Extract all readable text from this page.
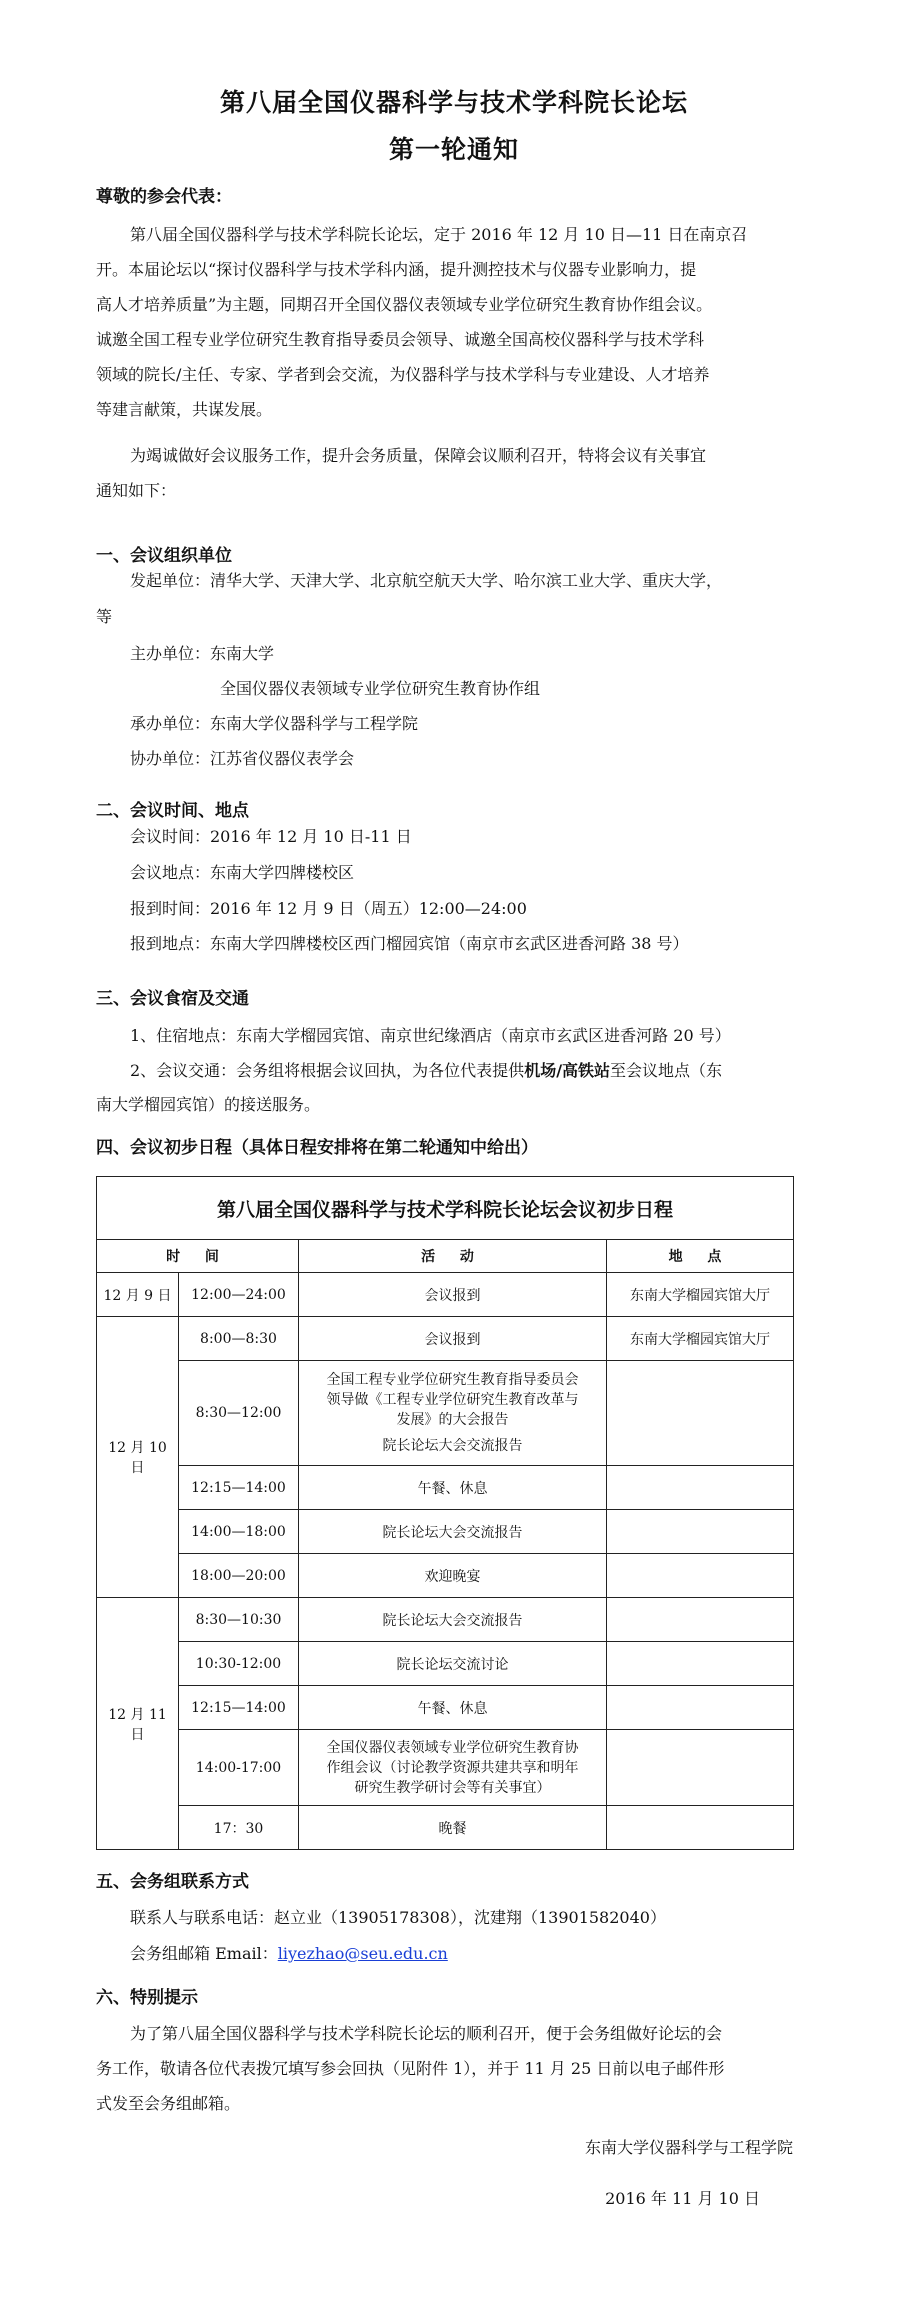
第八届全国仪器科学与技术学科院长论坛
第一轮通知
尊敬的参会代表：
第八届全国仪器科学与技术学科院长论坛，定于 2016 年 12 月 10 日—11 日在南京召
开。本届论坛以“探讨仪器科学与技术学科内涵，提升测控技术与仪器专业影响力，提
高人才培养质量”为主题，同期召开全国仪器仪表领域专业学位研究生教育协作组会议。
诚邀全国工程专业学位研究生教育指导委员会领导、诚邀全国高校仪器科学与技术学科
领域的院长/主任、专家、学者到会交流，为仪器科学与技术学科与专业建设、人才培养
等建言献策，共谋发展。
为竭诚做好会议服务工作，提升会务质量，保障会议顺利召开，特将会议有关事宜
通知如下：
一、会议组织单位
发起单位：清华大学、天津大学、北京航空航天大学、哈尔滨工业大学、重庆大学，
等
主办单位：东南大学
全国仪器仪表领域专业学位研究生教育协作组
承办单位：东南大学仪器科学与工程学院
协办单位：江苏省仪器仪表学会
二、会议时间、地点
会议时间：2016 年 12 月 10 日-11 日
会议地点：东南大学四牌楼校区
报到时间：2016 年 12 月 9 日（周五）12:00—24:00
报到地点：东南大学四牌楼校区西门榴园宾馆（南京市玄武区进香河路 38 号）
三、会议食宿及交通
1、住宿地点：东南大学榴园宾馆、南京世纪缘酒店（南京市玄武区进香河路 20 号）
2、会议交通：会务组将根据会议回执，为各位代表提供机场/高铁站至会议地点（东
南大学榴园宾馆）的接送服务。
四、会议初步日程（具体日程安排将在第二轮通知中给出）
第八届全国仪器科学与技术学科院长论坛会议初步日程			
时 间		活 动	地 点
12 月 9 日	12:00—24:00	会议报到	东南大学榴园宾馆大厅
12 月 10 日	8:00—8:30	会议报到	东南大学榴园宾馆大厅
	8:30—12:00	全国工程专业学位研究生教育指导委员会
领导做《工程专业学位研究生教育改革与
发展》的大会报告
院长论坛大会交流报告	

	12:15—14:00	午餐、休息	
	14:00—18:00	院长论坛大会交流报告	
	18:00—20:00	欢迎晚宴	
12 月 11 日	8:30—10:30	院长论坛大会交流报告	
	10:30-12:00	院长论坛交流讨论	
	12:15—14:00	午餐、休息	
	14:00-17:00	全国仪器仪表领域专业学位研究生教育协
作组会议（讨论教学资源共建共享和明年
研究生教学研讨会等有关事宜）	

	17：30	晚餐	
五、会务组联系方式
联系人与联系电话：赵立业（13905178308），沈建翔（13901582040）
会务组邮箱 Email：liyezhao@seu.edu.cn
六、特别提示
为了第八届全国仪器科学与技术学科院长论坛的顺利召开，便于会务组做好论坛的会
务工作，敬请各位代表拨冗填写参会回执（见附件 1），并于 11 月 25 日前以电子邮件形
式发至会务组邮箱。
东南大学仪器科学与工程学院
2016 年 11 月 10 日
